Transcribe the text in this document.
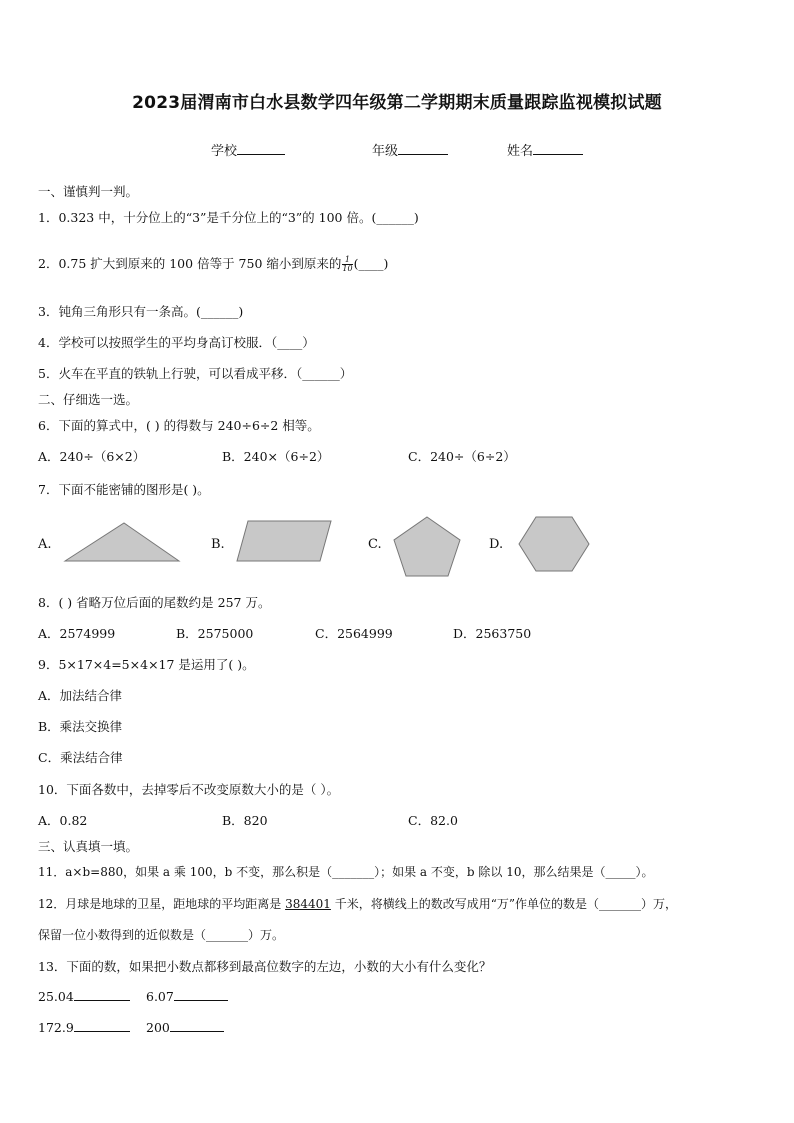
2023届渭南市白水县数学四年级第二学期期末质量跟踪监视模拟试题
学校	年级	姓名
一、谨慎判一判。
1．0.323 中，十分位上的“3”是千分位上的“3”的 100 倍。(______)
2．0.75 扩大到原来的 100 倍等于 750 缩小到原来的 $\frac{1}{10}$ (____)
3．钝角三角形只有一条高。(______)
4．学校可以按照学生的平均身高订校服．（____）
5．火车在平直的铁轨上行驶，可以看成平移．（______）
二、仔细选一选。
6．下面的算式中，( ) 的得数与 240÷6÷2 相等。
A．240÷（6×2）	B．240×（6÷2）	C．240÷（6÷2）
7．下面不能密铺的图形是( )。
A.	B.	C.	D.
8．( ) 省略万位后面的尾数约是 257 万。
A．2574999	B．2575000	C．2564999	D．2563750
9．5×17×4=5×4×17 是运用了( )。
A．加法结合律
B．乘法交换律
C．乘法结合律
10．下面各数中，去掉零后不改变原数大小的是（ ）。
A．0.82	B．820	C．82.0
三、认真填一填。
11．a×b=880，如果 a 乘 100，b 不变，那么积是（_______）；如果 a 不变，b 除以 10，那么结果是（_____）。
12．月球是地球的卫星，距地球的平均距离是 384401 千米，将横线上的数改写成用“万”作单位的数是（_______）万，
保留一位小数得到的近似数是（_______）万。
13．下面的数，如果把小数点都移到最高位数字的左边，小数的大小有什么变化？
25.04	6.07
172.9	200
